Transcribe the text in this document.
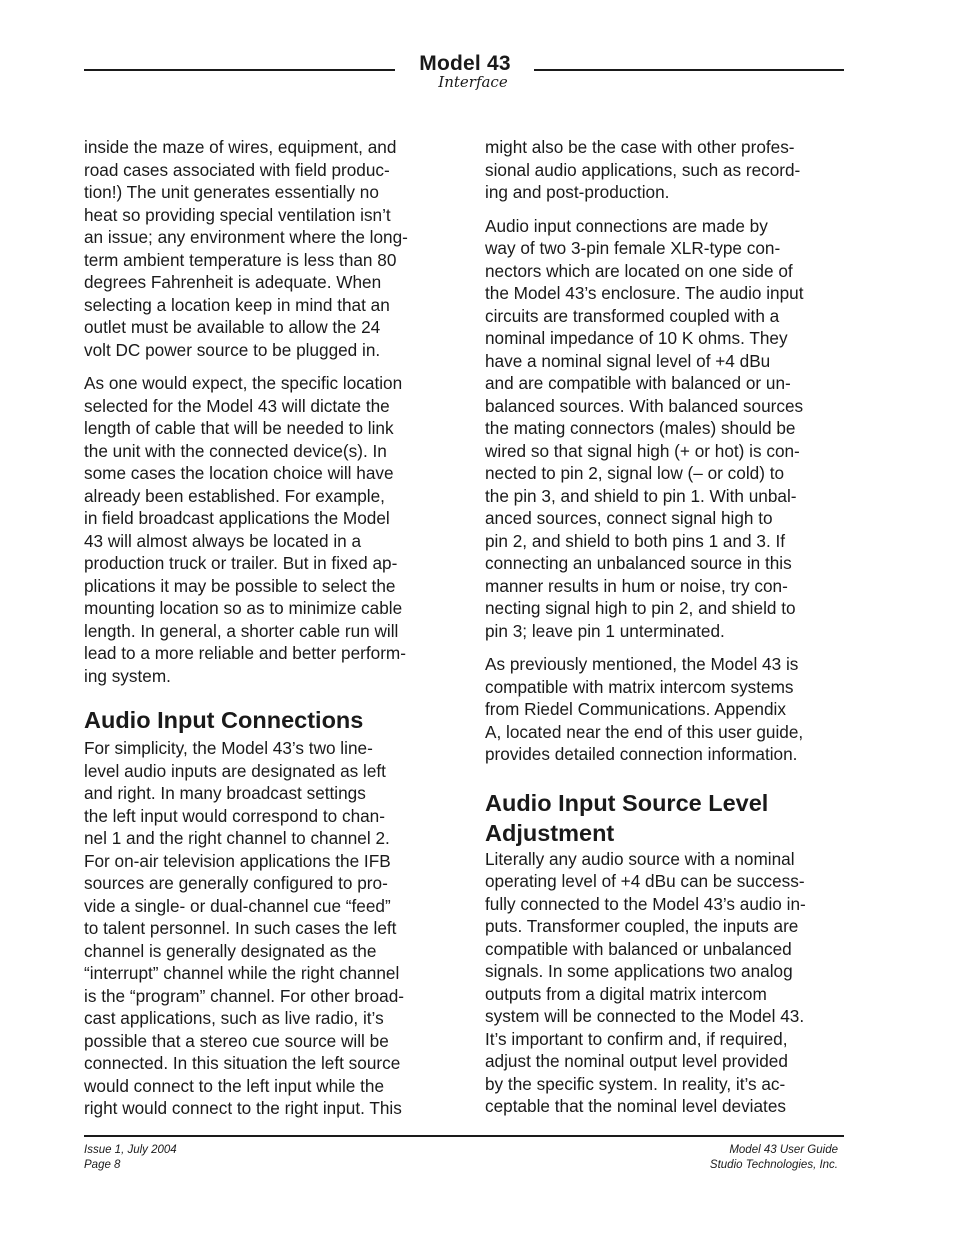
Model 43
Interface

inside the maze of wires, equipment, and
road cases associated with field produc-
tion!) The unit generates essentially no
heat so providing special ventilation isn’t
an issue; any environment where the long-
term ambient temperature is less than 80
degrees Fahrenheit is adequate. When
selecting a location keep in mind that an
outlet must be available to allow the 24
volt DC power source to be plugged in.

As one would expect, the specific location
selected for the Model 43 will dictate the
length of cable that will be needed to link
the unit with the connected device(s). In
some cases the location choice will have
already been established. For example,
in field broadcast applications the Model
43 will almost always be located in a
production truck or trailer. But in fixed ap-
plications it may be possible to select the
mounting location so as to minimize cable
length. In general, a shorter cable run will
lead to a more reliable and better perform-
ing system.

Audio Input Connections

For simplicity, the Model 43’s two line-
level audio inputs are designated as left
and right. In many broadcast settings
the left input would correspond to chan-
nel 1 and the right channel to channel 2.
For on-air television applications the IFB
sources are generally configured to pro-
vide a single- or dual-channel cue “feed”
to talent personnel. In such cases the left
channel is generally designated as the
“interrupt” channel while the right channel
is the “program” channel. For other broad-
cast applications, such as live radio, it’s
possible that a stereo cue source will be
connected. In this situation the left source
would connect to the left input while the
right would connect to the right input. This

might also be the case with other profes-
sional audio applications, such as record-
ing and post-production.

Audio input connections are made by
way of two 3-pin female XLR-type con-
nectors which are located on one side of
the Model 43’s enclosure. The audio input
circuits are transformed coupled with a
nominal impedance of 10 K ohms. They
have a nominal signal level of +4 dBu
and are compatible with balanced or un-
balanced sources. With balanced sources
the mating connectors (males) should be
wired so that signal high (+ or hot) is con-
nected to pin 2, signal low (– or cold) to
the pin 3, and shield to pin 1. With unbal-
anced sources, connect signal high to
pin 2, and shield to both pins 1 and 3. If
connecting an unbalanced source in this
manner results in hum or noise, try con-
necting signal high to pin 2, and shield to
pin 3; leave pin 1 unterminated.

As previously mentioned, the Model 43 is
compatible with matrix intercom systems
from Riedel Communications. Appendix
A, located near the end of this user guide,
provides detailed connection information.

Audio Input Source Level
Adjustment

Literally any audio source with a nominal
operating level of +4 dBu can be success-
fully connected to the Model 43’s audio in-
puts. Transformer coupled, the inputs are
compatible with balanced or unbalanced
signals. In some applications two analog
outputs from a digital matrix intercom
system will be connected to the Model 43.
It’s important to confirm and, if required,
adjust the nominal output level provided
by the specific system. In reality, it’s ac-
ceptable that the nominal level deviates

Issue 1, July 2004
Page 8
Model 43 User Guide
Studio Technologies, Inc.
